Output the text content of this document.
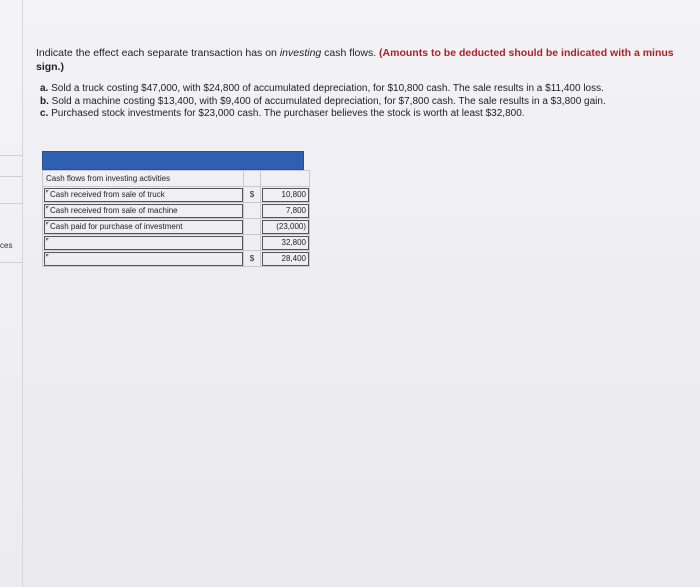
ces
Indicate the effect each separate transaction has on investing cash flows. (Amounts to be deducted should be indicated with a minus
sign.)
a. Sold a truck costing $47,000, with $24,800 of accumulated depreciation, for $10,800 cash. The sale results in a $11,400 loss.
b. Sold a machine costing $13,400, with $9,400 of accumulated depreciation, for $7,800 cash. The sale results in a $3,800 gain.
c. Purchased stock investments for $23,000 cash. The purchaser believes the stock is worth at least $32,800.
Cash flows from investing activities		
Cash received from sale of truck	$	10,800
Cash received from sale of machine		7,800
Cash paid for purchase of investment		(23,000)
		32,800
	$	28,400
